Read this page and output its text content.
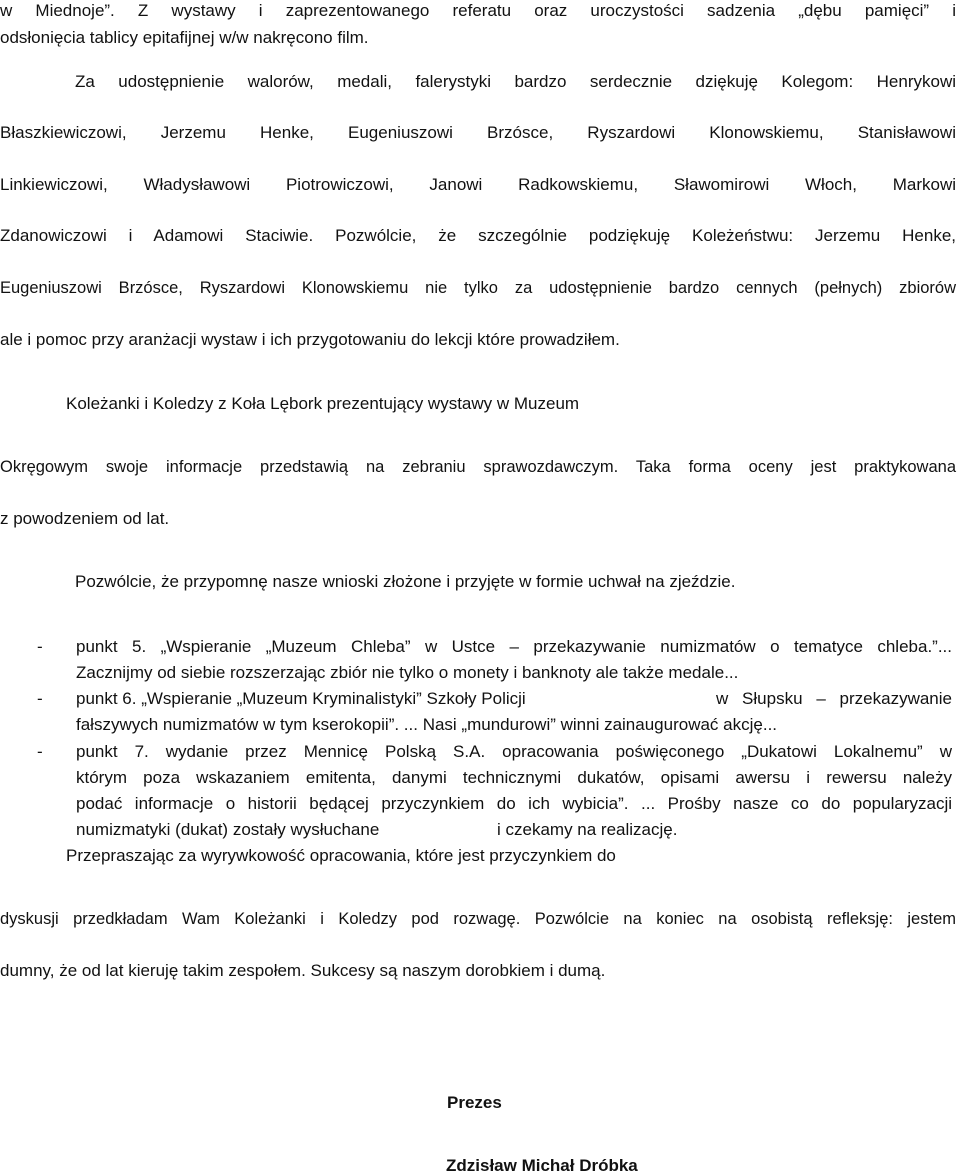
w Miednoje”. Z wystawy i zaprezentowanego referatu oraz uroczystości sadzenia „dębu pamięci” i
odsłonięcia tablicy epitafijnej w/w nakręcono film.
Za udostępnienie walorów, medali, falerystyki bardzo serdecznie dziękuję Kolegom: Henrykowi
Błaszkiewiczowi, Jerzemu Henke, Eugeniuszowi Brzósce, Ryszardowi Klonowskiemu, Stanisławowi
Linkiewiczowi, Władysławowi Piotrowiczowi, Janowi Radkowskiemu, Sławomirowi Włoch, Markowi
Zdanowiczowi i Adamowi Staciwie. Pozwólcie, że szczególnie podziękuję Koleżeństwu: Jerzemu Henke,
Eugeniuszowi Brzósce, Ryszardowi Klonowskiemu nie tylko za udostępnienie bardzo cennych (pełnych) zbiorów
ale i pomoc przy aranżacji wystaw i ich przygotowaniu do lekcji które prowadziłem.
Koleżanki i Koledzy z Koła Lębork prezentujący wystawy w Muzeum
Okręgowym swoje informacje przedstawią na zebraniu sprawozdawczym. Taka forma oceny jest praktykowana
z powodzeniem od lat.
Pozwólcie, że przypomnę nasze wnioski złożone i przyjęte w formie uchwał na zjeździe.
- punkt 5. „Wspieranie „Muzeum Chleba” w Ustce – przekazywanie numizmatów o tematyce chleba.”...
Zacznijmy od siebie rozszerzając zbiór nie tylko o monety i banknoty ale także medale...
- punkt 6. „Wspieranie „Muzeum Kryminalistyki” Szkoły Policji	w Słupsku – przekazywanie
fałszywych numizmatów w tym kserokopii”. ... Nasi „mundurowi” winni zainaugurować akcję...
- punkt 7. wydanie przez Mennicę Polską S.A. opracowania poświęconego „Dukatowi Lokalnemu” w
którym poza wskazaniem emitenta, danymi technicznymi dukatów, opisami awersu i rewersu należy
podać informacje o historii będącej przyczynkiem do ich wybicia”. ... Prośby nasze co do popularyzacji
numizmatyki (dukat) zostały wysłuchane	i czekamy na realizację.
Przepraszając za wyrywkowość opracowania, które jest przyczynkiem do
dyskusji przedkładam Wam Koleżanki i Koledzy pod rozwagę. Pozwólcie na koniec na osobistą refleksję: jestem
dumny, że od lat kieruję takim zespołem. Sukcesy są naszym dorobkiem i dumą.
Prezes
Zdzisław Michał Dróbka
